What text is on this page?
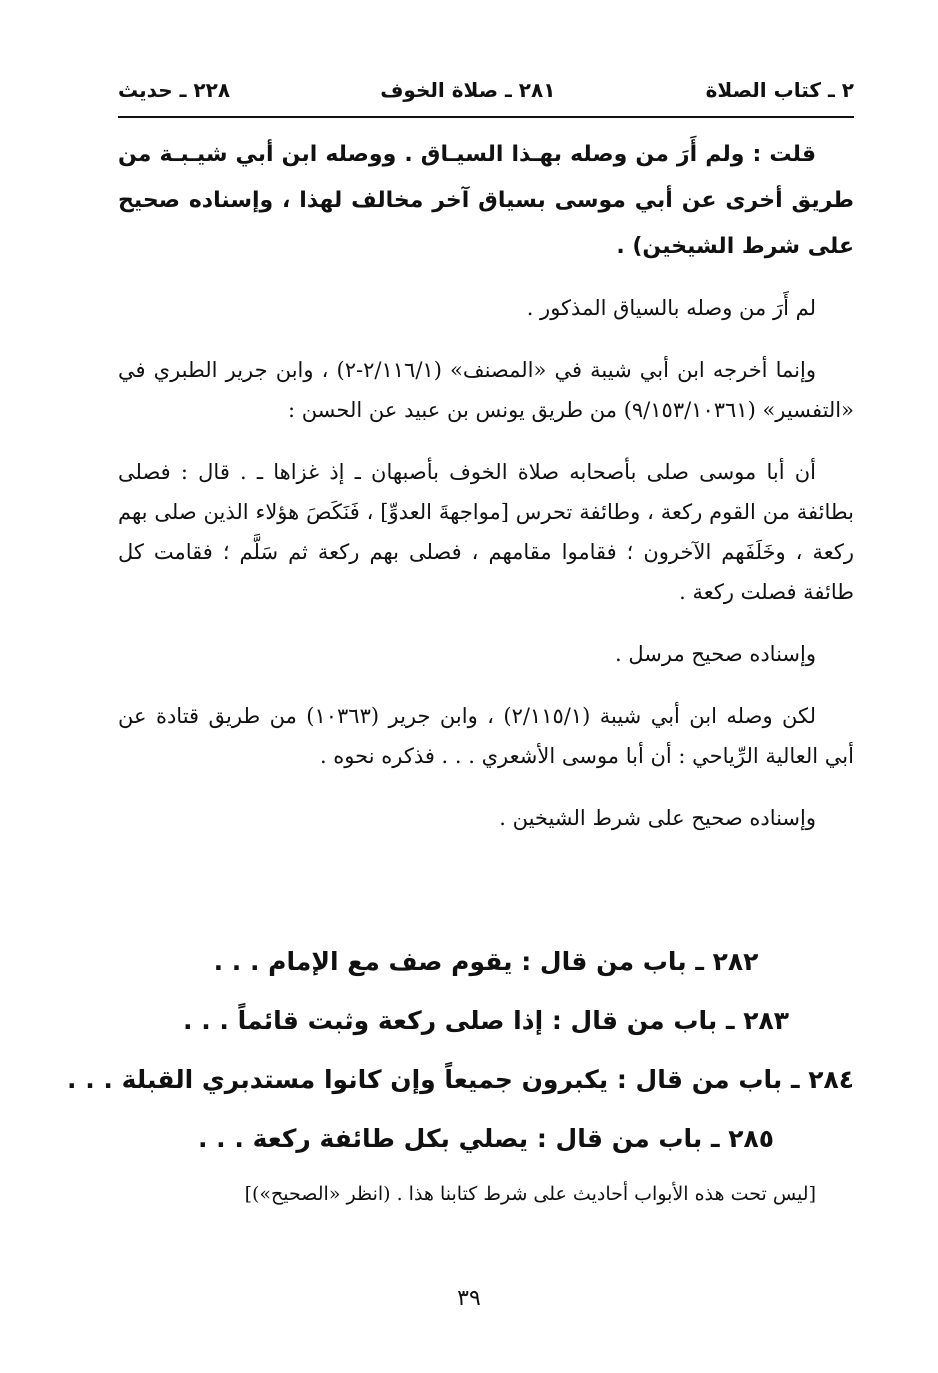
٢ ـ كتاب الصلاة
٢٨١ ـ صلاة الخوف
٢٢٨ ـ حديث

قلت : ولم أَرَ من وصله بهـذا السيـاق . ووصله ابن أبي شيـبـة من طريق أخرى عن أبي موسى بسياق آخر مخالف لهذا ، وإسناده صحيح على شرط الشيخين) .

لم أَرَ من وصله بالسياق المذكور .

وإنما أخرجه ابن أبي شيبة في «المصنف» (٢/١١٦/١-٢) ، وابن جرير الطبري في «التفسير» (٩/١٥٣/١٠٣٦١) من طريق يونس بن عبيد عن الحسن :

أن أبا موسى صلى بأصحابه صلاة الخوف بأصبهان ـ إذ غزاها ـ . قال : فصلى بطائفة من القوم ركعة ، وطائفة تحرس [مواجهةَ العدوِّ] ، فَنَكَصَ هؤلاء الذين صلى بهم ركعة ، وخَلَفَهم الآخرون ؛ فقاموا مقامهم ، فصلى بهم ركعة ثم سَلَّم ؛ فقامت كل طائفة فصلت ركعة .

وإسناده صحيح مرسل .

لكن وصله ابن أبي شيبة (٢/١١٥/١) ، وابن جرير (١٠٣٦٣) من طريق قتادة عن أبي العالية الرِّياحي : أن أبا موسى الأشعري . . . فذكره نحوه .

وإسناده صحيح على شرط الشيخين .

٢٨٢ ـ باب من قال : يقوم صف مع الإمام . . .

٢٨٣ ـ باب من قال : إذا صلى ركعة وثبت قائماً . . .

٢٨٤ ـ باب من قال : يكبرون جميعاً وإن كانوا مستدبري القبلة . . .

٢٨٥ ـ باب من قال : يصلي بكل طائفة ركعة . . .

[ليس تحت هذه الأبواب أحاديث على شرط كتابنا هذا . (انظر «الصحيح»)]

٣٩
